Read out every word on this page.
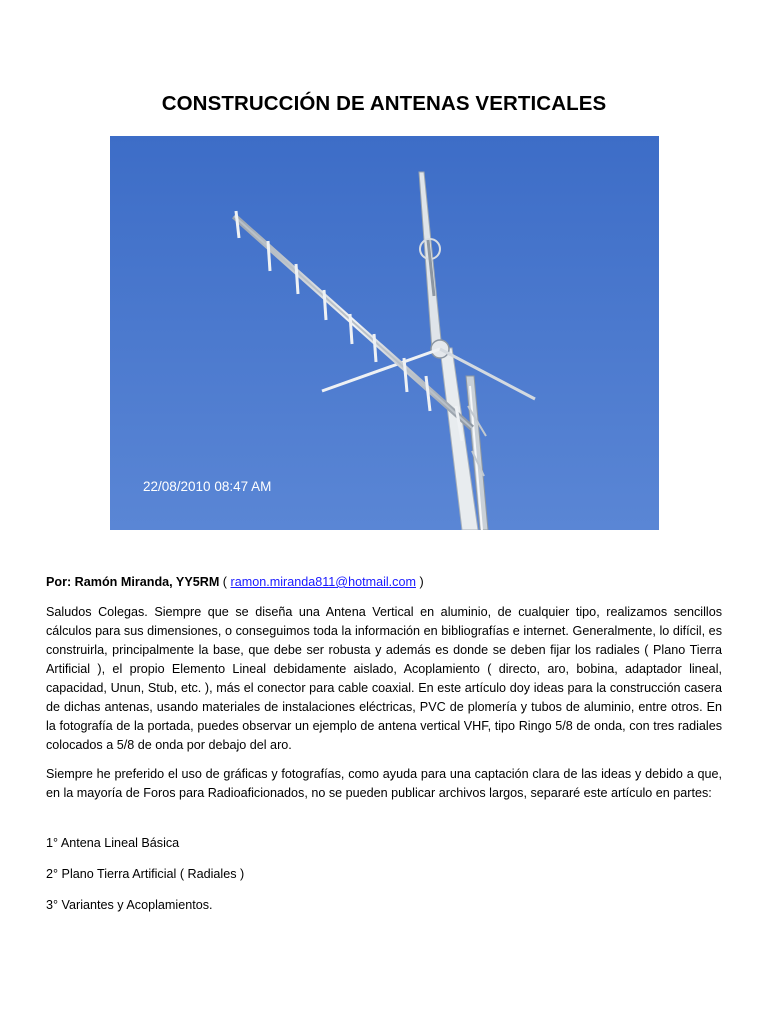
CONSTRUCCIÓN DE ANTENAS VERTICALES
22/08/2010 08:47 AM

Por: Ramón Miranda, YY5RM ( ramon.miranda811@hotmail.com )

Saludos Colegas. Siempre que se diseña una Antena Vertical en aluminio, de cualquier tipo, realizamos sencillos cálculos para sus dimensiones, o conseguimos toda la información en bibliografías e internet. Generalmente, lo difícil, es construirla, principalmente la base, que debe ser robusta y además es donde se deben fijar los radiales ( Plano Tierra Artificial ), el propio Elemento Lineal debidamente aislado, Acoplamiento ( directo, aro, bobina, adaptador lineal, capacidad, Unun, Stub, etc. ), más el conector para cable coaxial. En este artículo doy ideas para la construcción casera de dichas antenas, usando materiales de instalaciones eléctricas, PVC de plomería y tubos de aluminio, entre otros. En la fotografía de la portada, puedes observar un ejemplo de antena vertical VHF, tipo Ringo 5/8 de onda, con tres radiales colocados a 5/8 de onda por debajo del aro.

Siempre he preferido el uso de gráficas y fotografías, como ayuda para una captación clara de las ideas y debido a que, en la mayoría de Foros para Radioaficionados, no se pueden publicar archivos largos, separaré este artículo en partes:

1° Antena Lineal Básica

2° Plano Tierra Artificial ( Radiales )

3° Variantes y Acoplamientos.
